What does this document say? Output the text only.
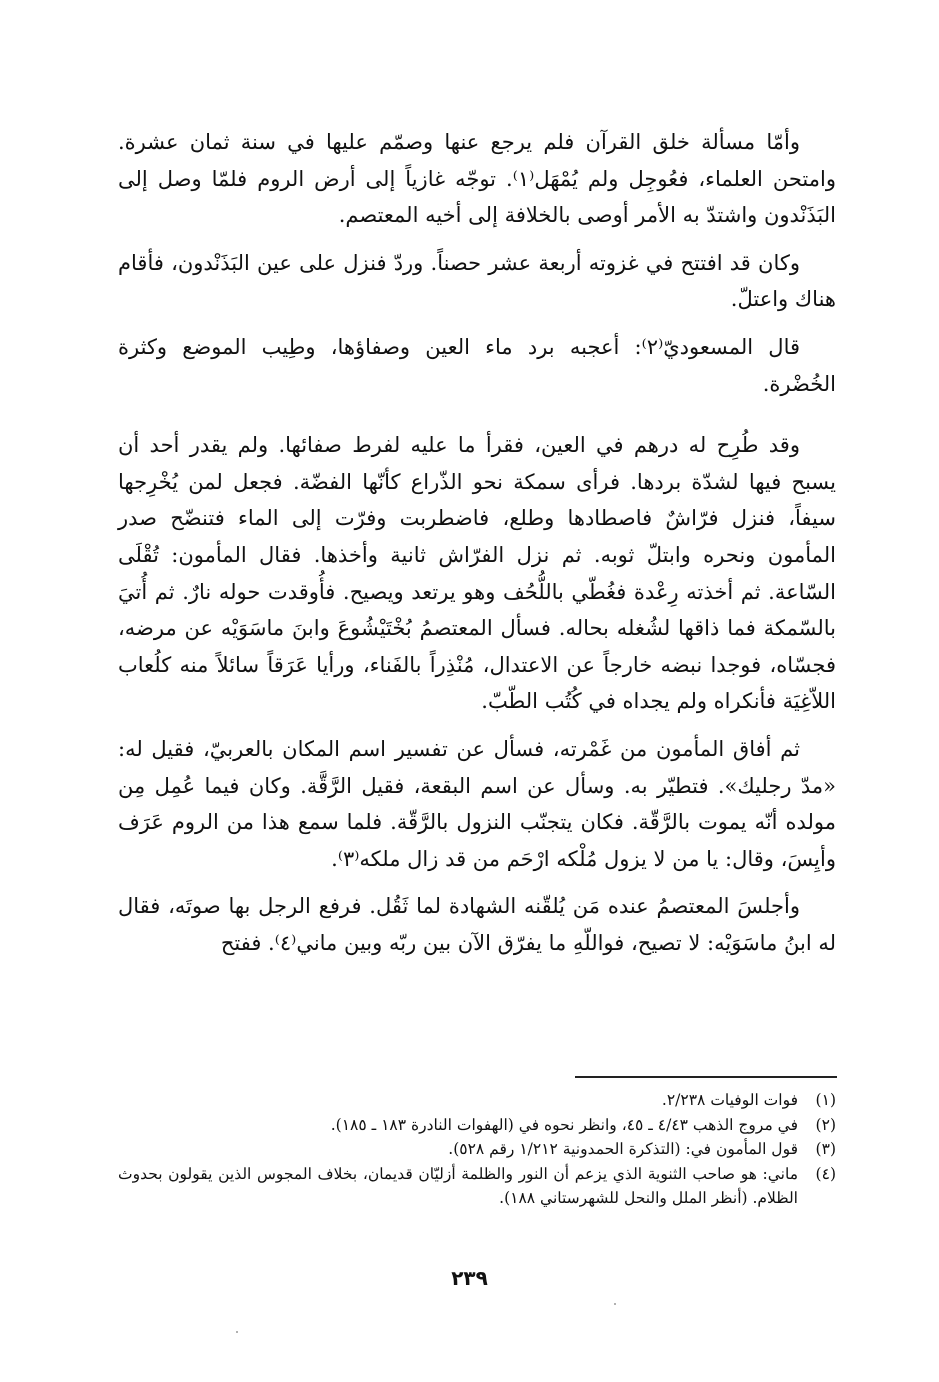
وأمّا مسألة خلق القرآن فلم يرجع عنها وصمّم عليها في سنة ثمان عشرة. وامتحن العلماء، فعُوجِل ولم يُمْهَل⁽١⁾. توجّه غازياً إلى أرض الروم فلمّا وصل إلى البَذَنْدون واشتدّ به الأمر أوصى بالخلافة إلى أخيه المعتصم.

وكان قد افتتح في غزوته أربعة عشر حصناً. وردّ فنزل على عين البَذَنْدون، فأقام هناك واعتلّ.

قال المسعوديّ⁽٢⁾: أعجبه برد ماء العين وصفاؤها، وطِيب الموضع وكثرة الخُضْرة.

وقد طُرِح له درهم في العين، فقرأ ما عليه لفرط صفائها. ولم يقدر أحد أن يسبح فيها لشدّة بردها. فرأى سمكة نحو الذّراع كأنّها الفضّة. فجعل لمن يُخْرِجها سيفاً، فنزل فرّاشٌ فاصطادها وطلع، فاضطربت وفرّت إلى الماء فتنضّح صدر المأمون ونحره وابتلّ ثوبه. ثم نزل الفرّاش ثانية وأخذها. فقال المأمون: تُقْلَى السّاعة. ثم أخذته رِعْدة فغُطّي باللُّحُف وهو يرتعد ويصيح. فأُوقدت حوله نارٌ. ثم أُتيَ بالسّمكة فما ذاقها لشُغله بحاله. فسأل المعتصمُ بُخْتَيْشُوعَ وابنَ ماسَوَيْه عن مرضه، فجسّاه، فوجدا نبضه خارجاً عن الاعتدال، مُنْذِراً بالفَناء، ورأيا عَرَقاً سائلاً منه كلُعاب اللاّغِيَة فأنكراه ولم يجداه في كُتُب الطّبّ.

ثم أفاق المأمون من غَمْرته، فسأل عن تفسير اسم المكان بالعربيّ، فقيل له: «مدّ رجليك». فتطيّر به. وسأل عن اسم البقعة، فقيل الرَّقَّة. وكان فيما عُمِل مِن مولده أنّه يموت بالرَّقّة. فكان يتجنّب النزول بالرَّقّة. فلما سمع هذا من الروم عَرَف وأيِسَ، وقال: يا من لا يزول مُلْكه ارْحَم من قد زال ملكه⁽٣⁾.

وأجلسَ المعتصمُ عنده مَن يُلقّنه الشهادة لما ثَقُل. فرفع الرجل بها صوتَه، فقال له ابنُ ماسَوَيْه: لا تصيح، فواللّهِ ما يفرّق الآن بين ربّه وبين ماني⁽٤⁾. ففتح

(١)
فوات الوفيات ٢/٢٣٨.
(٢)
في مروج الذهب ٤/٤٣ ـ ٤٥، وانظر نحوه في (الهفوات النادرة ١٨٣ ـ ١٨٥).
(٣)
قول المأمون في: (التذكرة الحمدونية ١/٢١٢ رقم ٥٢٨).
(٤)
ماني: هو صاحب الثنوية الذي يزعم أن النور والظلمة أزليّان قديمان، بخلاف المجوس الذين يقولون بحدوث الظلام. (أنظر الملل والنحل للشهرستاني ١٨٨).
٢٣٩
